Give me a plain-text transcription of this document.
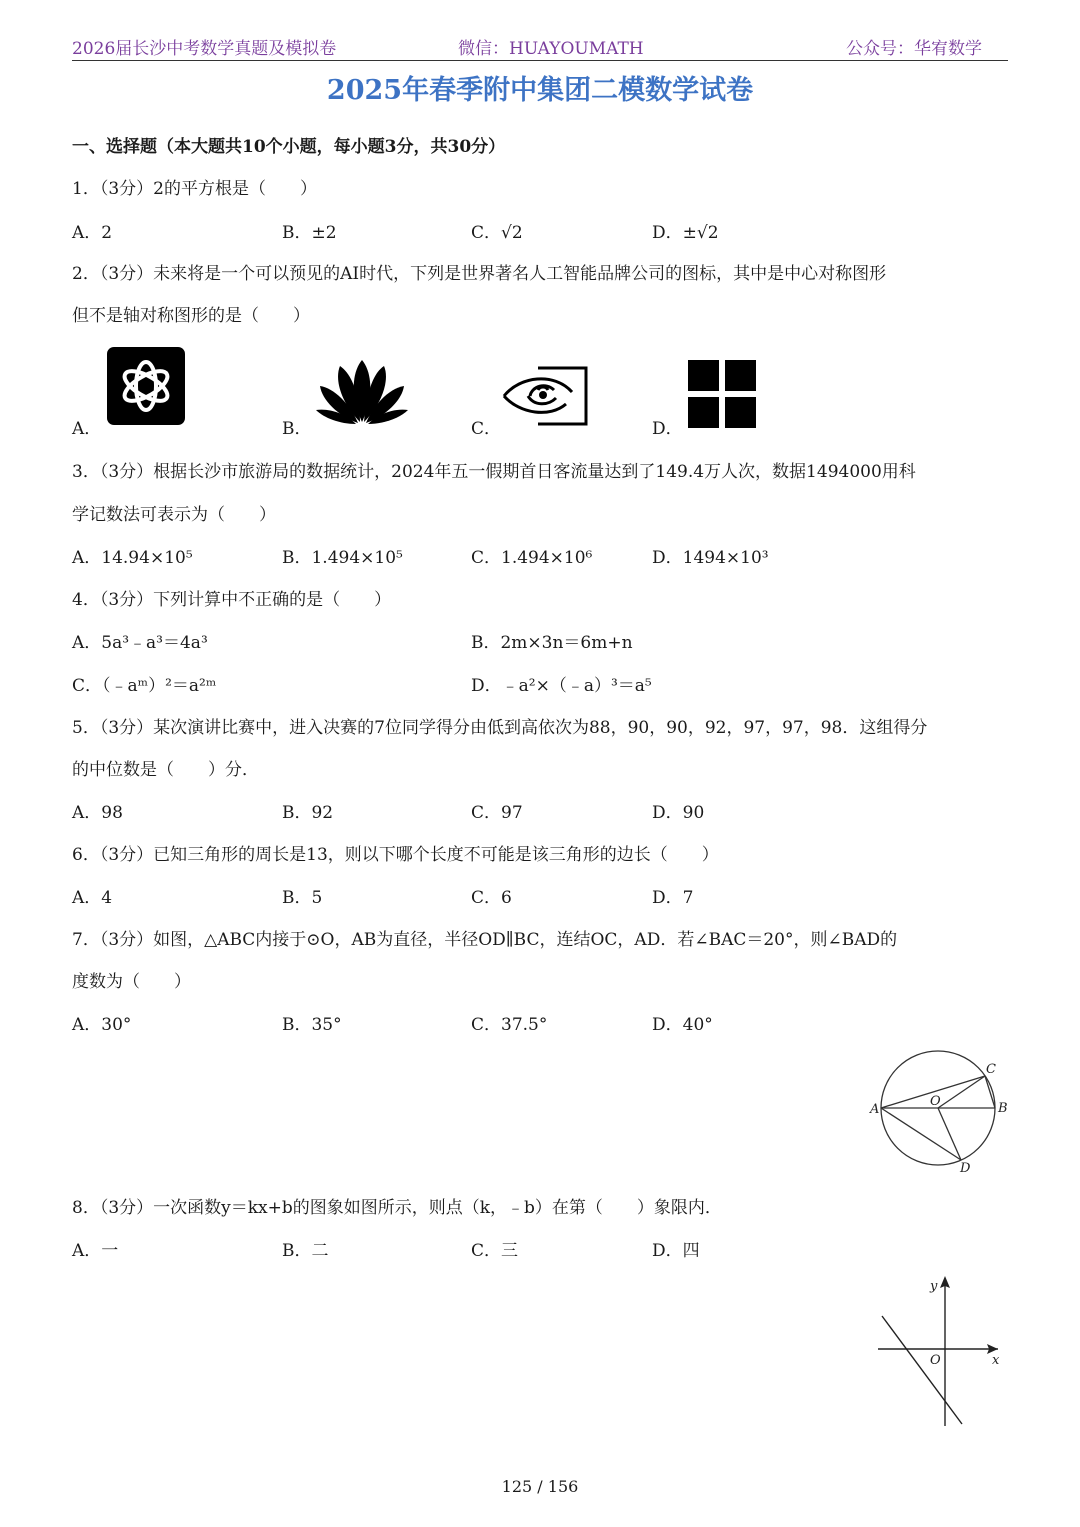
2026届长沙中考数学真题及模拟卷	微信：HUAYOUMATH	公众号：华宥数学
2025年春季附中集团二模数学试卷
一、选择题（本大题共10个小题，每小题3分，共30分）
1．（3分）2的平方根是（　　）
A．2	B．±2	C．√2	D．±√2
2．（3分）未来将是一个可以预见的AI时代，下列是世界著名人工智能品牌公司的图标，其中是中心对称图形
但不是轴对称图形的是（　　）
A．	B．	C．	D．
3．（3分）根据长沙市旅游局的数据统计，2024年五一假期首日客流量达到了149.4万人次，数据1494000用科
学记数法可表示为（　　）
A．14.94×10⁵	B．1.494×10⁵	C．1.494×10⁶	D．1494×10³
4．（3分）下列计算中不正确的是（　　）
A．5a³﹣a³＝4a³	B．2m×3n＝6m+n
C．（﹣aᵐ）²＝a²ᵐ	D．﹣a²×（﹣a）³＝a⁵
5．（3分）某次演讲比赛中，进入决赛的7位同学得分由低到高依次为88，90，90，92，97，97，98．这组得分
的中位数是（　　）分．
A．98	B．92	C．97	D．90
6．（3分）已知三角形的周长是13，则以下哪个长度不可能是该三角形的边长（　　）
A．4	B．5	C．6	D．7
7．（3分）如图，△ABC内接于⊙O，AB为直径，半径OD∥BC，连结OC，AD．若∠BAC＝20°，则∠BAD的
度数为（　　）
A．30°	B．35°	C．37.5°	D．40°
A	B
C
D
O
8．（3分）一次函数y＝kx+b的图象如图所示，则点（k，﹣b）在第（　　）象限内．
A．一	B．二	C．三	D．四
y
x
O
125 / 156
